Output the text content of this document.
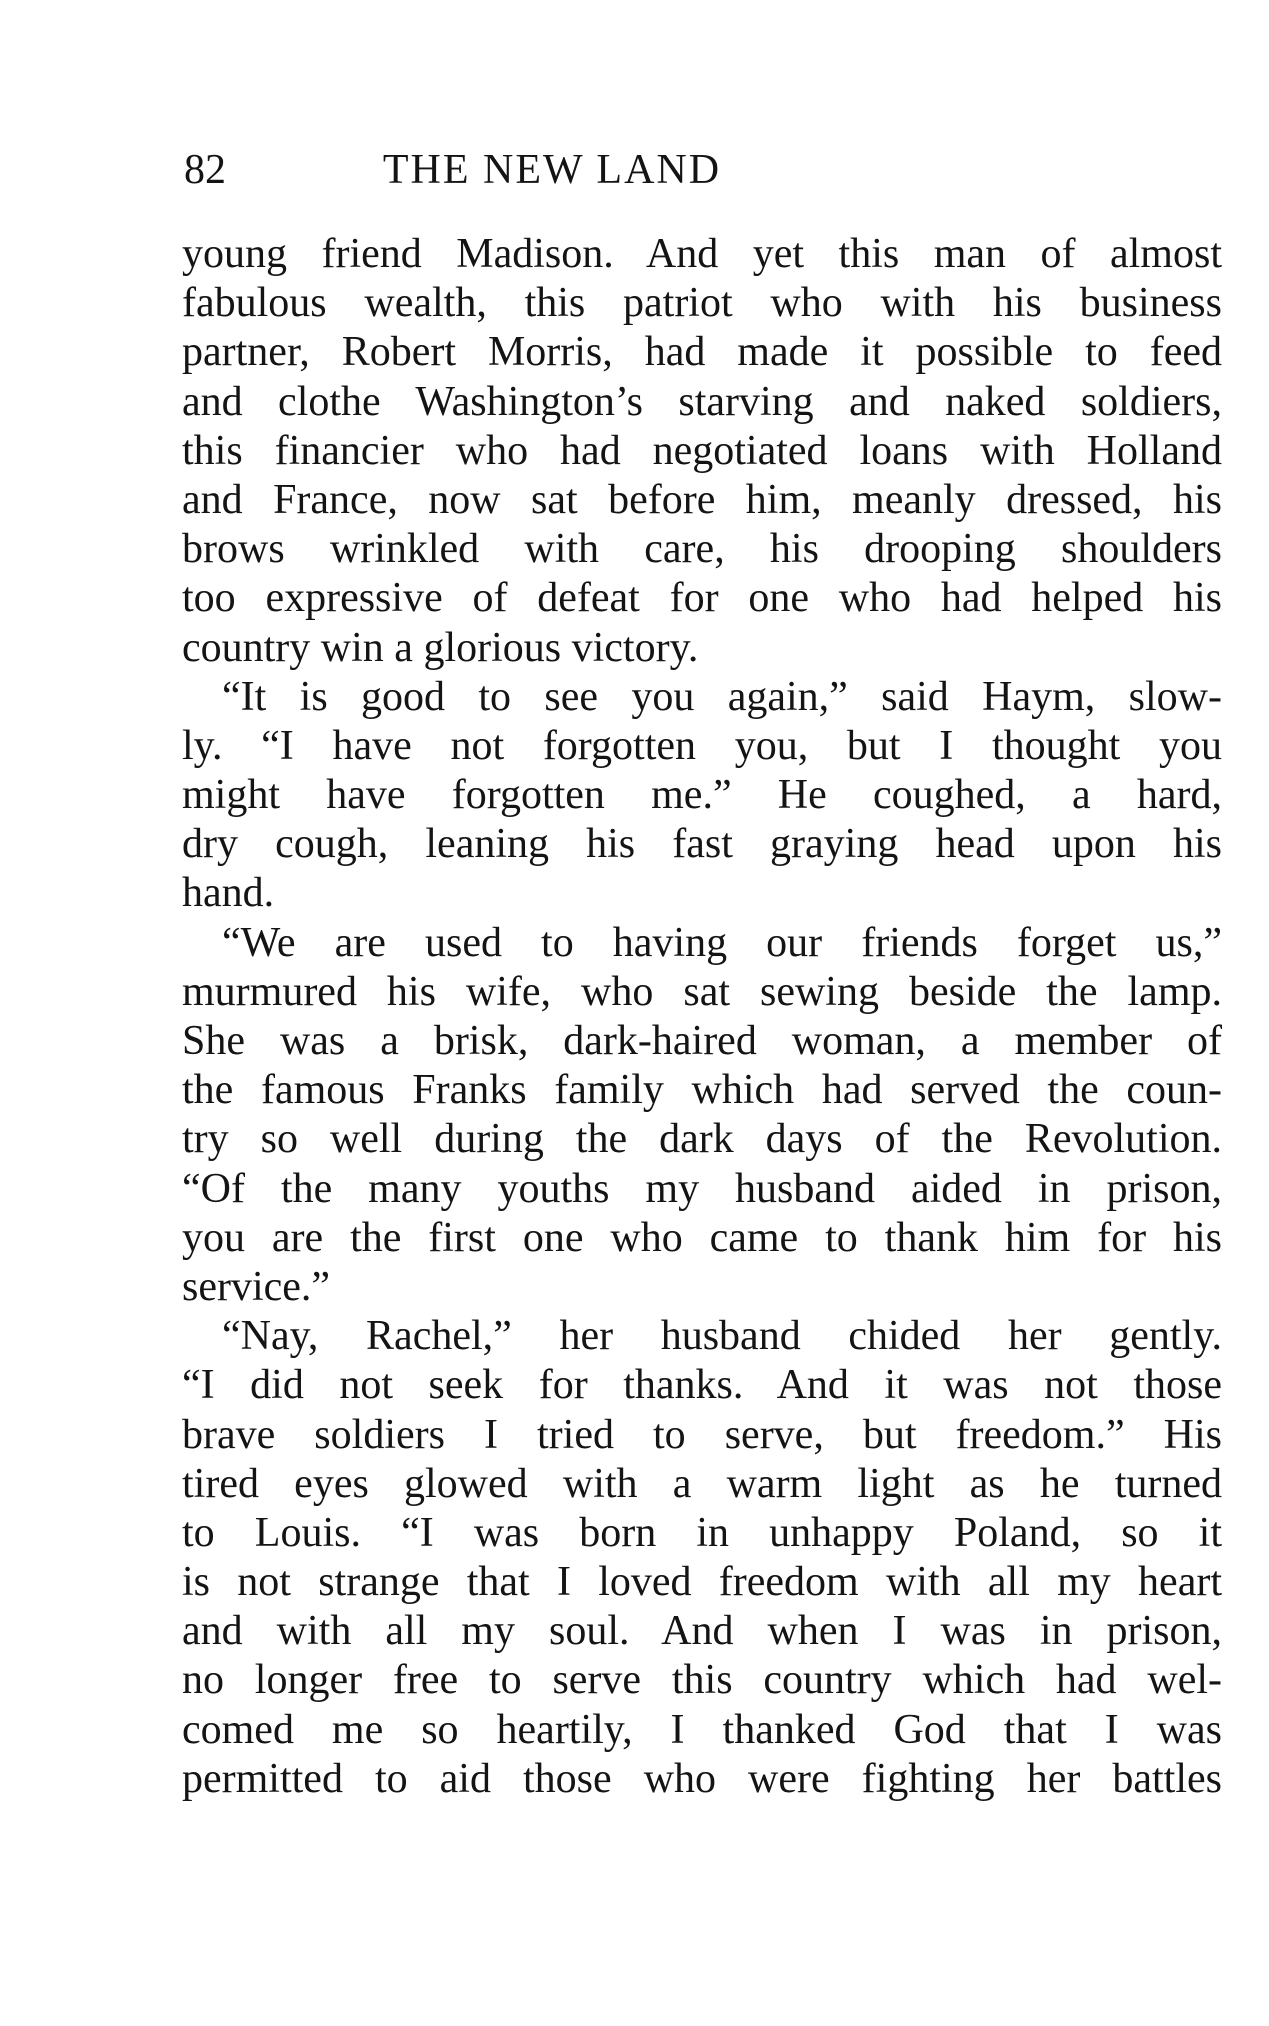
82	THE NEW LAND
young friend Madison. And yet this man of almost
fabulous wealth, this patriot who with his business
partner, Robert Morris, had made it possible to feed
and clothe Washington’s starving and naked soldiers,
this financier who had negotiated loans with Holland
and France, now sat before him, meanly dressed, his
brows wrinkled with care, his drooping shoulders
too expressive of defeat for one who had helped his
country win a glorious victory.
“It is good to see you again,” said Haym, slow-
ly. “I have not forgotten you, but I thought you
might have forgotten me.” He coughed, a hard,
dry cough, leaning his fast graying head upon his
hand.
“We are used to having our friends forget us,”
murmured his wife, who sat sewing beside the lamp.
She was a brisk, dark-haired woman, a member of
the famous Franks family which had served the coun-
try so well during the dark days of the Revolution.
“Of the many youths my husband aided in prison,
you are the first one who came to thank him for his
service.”
“Nay, Rachel,” her husband chided her gently.
“I did not seek for thanks. And it was not those
brave soldiers I tried to serve, but freedom.” His
tired eyes glowed with a warm light as he turned
to Louis. “I was born in unhappy Poland, so it
is not strange that I loved freedom with all my heart
and with all my soul. And when I was in prison,
no longer free to serve this country which had wel-
comed me so heartily, I thanked God that I was
permitted to aid those who were fighting her battles
